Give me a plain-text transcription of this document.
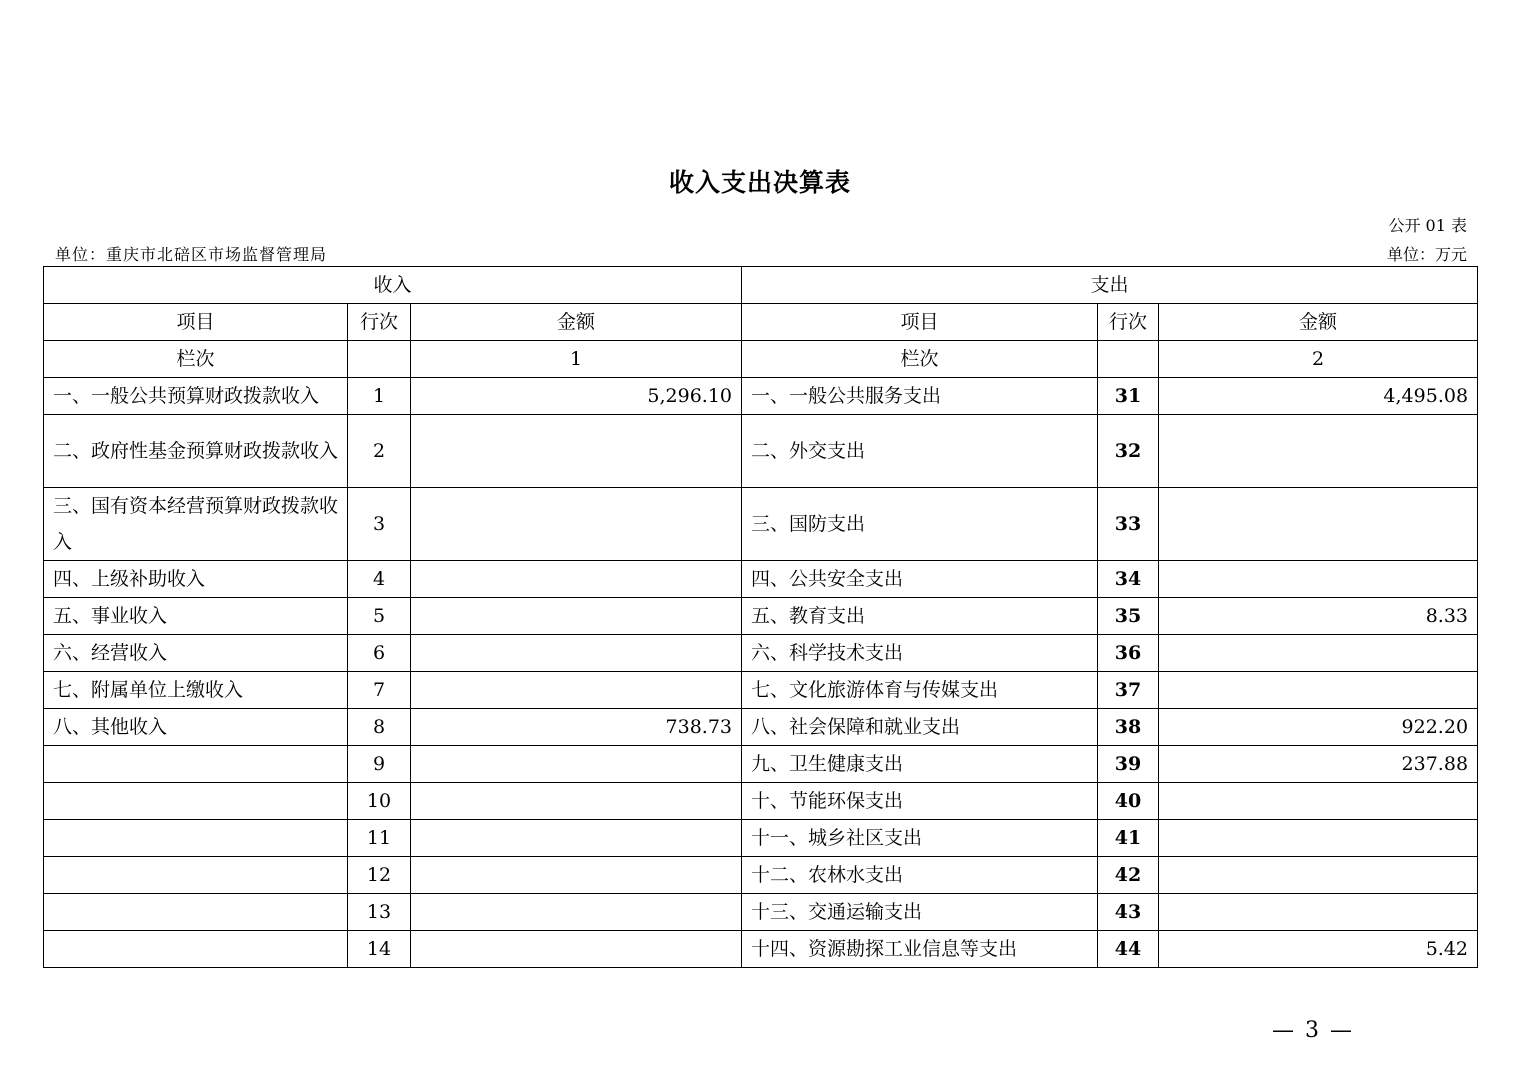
收入支出决算表
公开 01 表
单位：重庆市北碚区市场监督管理局	单位：万元
收入			支出		
项目	行次	金额	项目	行次	金额
栏次		1	栏次		2
一、一般公共预算财政拨款收入	1	5,296.10	一、一般公共服务支出	31	4,495.08
二、政府性基金预算财政拨款收入	2		二、外交支出	32	
三、国有资本经营预算财政拨款收入	3		三、国防支出	33	
四、上级补助收入	4		四、公共安全支出	34	
五、事业收入	5		五、教育支出	35	8.33
六、经营收入	6		六、科学技术支出	36	
七、附属单位上缴收入	7		七、文化旅游体育与传媒支出	37	
八、其他收入	8	738.73	八、社会保障和就业支出	38	922.20
	9		九、卫生健康支出	39	237.88
	10		十、节能环保支出	40	
	11		十一、城乡社区支出	41	
	12		十二、农林水支出	42	
	13		十三、交通运输支出	43	
	14		十四、资源勘探工业信息等支出	44	5.42
— 3 —
